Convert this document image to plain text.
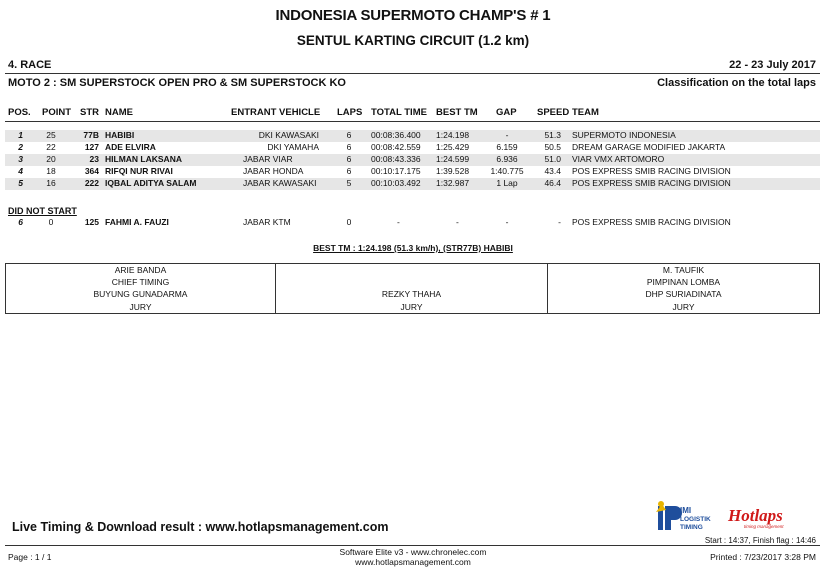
INDONESIA SUPERMOTO CHAMP'S # 1
SENTUL KARTING CIRCUIT (1.2 km)
4. RACE	22 - 23 July 2017
MOTO 2 : SM SUPERSTOCK OPEN PRO & SM SUPERSTOCK KO	Classification on the total laps
POS. POINT STR NAME	ENTRANT VEHICLE LAPS TOTAL TIME BEST TM GAP SPEED TEAM
1	25	77B HABIBI	DKI KAWASAKI	6	00:08:36.400 1:24.198	-	51.3 SUPERMOTO INDONESIA
2	22	127 ADE ELVIRA	DKI YAMAHA	6	00:08:42.559 1:25.429	6.159	50.5 DREAM GARAGE MODIFIED JAKARTA
3	20	23 HILMAN LAKSANA	JABAR VIAR	6	00:08:43.336 1:24.599	6.936	51.0 VIAR VMX ARTOMORO
4	18	364 RIFQI NUR RIVAI	JABAR HONDA	6	00:10:17.175 1:39.528	1:40.775	43.4 POS EXPRESS SMIB RACING DIVISION
5	16	222 IQBAL ADITYA SALAM	JABAR KAWASAKI	5	00:10:03.492 1:32.987	1 Lap	46.4 POS EXPRESS SMIB RACING DIVISION
DID NOT START
6	0	125 FAHMI A. FAUZI	JABAR KTM	0	-	-	-	- POS EXPRESS SMIB RACING DIVISION
BEST TM : 1:24.198 (51.3 km/h), (STR77B) HABIBI
ARIE BANDA
CHIEF TIMING
BUYUNG GUNADARMA
JURY
REZKY THAHA
JURY
M. TAUFIK
PIMPINAN LOMBA
DHP SURIADINATA
JURY
IMI
LOGISTIK
TIMING
Hotlaps
timing management
Live Timing & Download result : www.hotlapsmanagement.com
Start : 14:37, Finish flag : 14:46
Page : 1 / 1	Software Elite v3 - www.chronelec.com
www.hotlapsmanagement.com	Printed : 7/23/2017 3:28 PM
